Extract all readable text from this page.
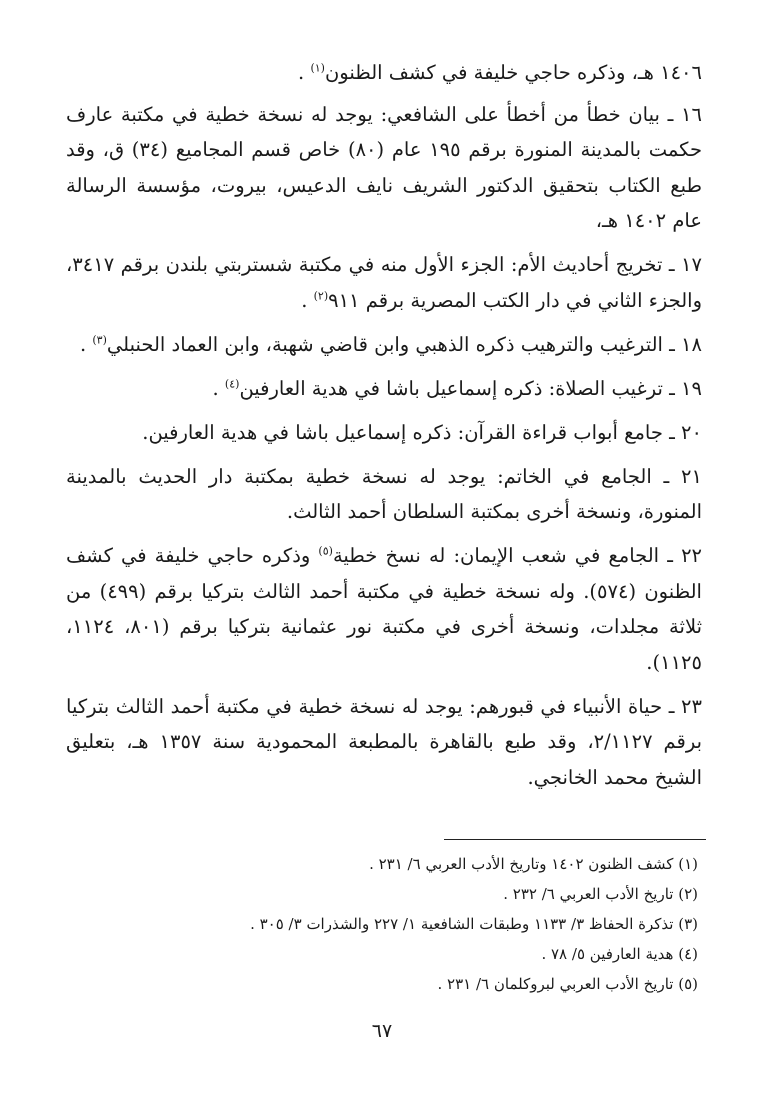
١٤٠٦ هـ، وذكره حاجي خليفة في كشف الظنون$^{(١)}$ .

١٦ ـ بيان خطأ من أخطأ على الشافعي: يوجد له نسخة خطية في مكتبة عارف حكمت بالمدينة المنورة برقم ١٩٥ عام (٨٠) خاص قسم المجاميع (٣٤) ق، وقد طبع الكتاب بتحقيق الدكتور الشريف نايف الدعيس، بيروت، مؤسسة الرسالة عام ١٤٠٢ هـ،

١٧ ـ تخريج أحاديث الأم: الجزء الأول منه في مكتبة شستربتي بلندن برقم ٣٤١٧، والجزء الثاني في دار الكتب المصرية برقم ٩١١$^{(٢)}$ .

١٨ ـ الترغيب والترهيب ذكره الذهبي وابن قاضي شهبة، وابن العماد الحنبلي$^{(٣)}$ .

١٩ ـ ترغيب الصلاة: ذكره إسماعيل باشا في هدية العارفين$^{(٤)}$ .

٢٠ ـ جامع أبواب قراءة القرآن: ذكره إسماعيل باشا في هدية العارفين.

٢١ ـ الجامع في الخاتم: يوجد له نسخة خطية بمكتبة دار الحديث بالمدينة المنورة، ونسخة أخرى بمكتبة السلطان أحمد الثالث.

٢٢ ـ الجامع في شعب الإيمان: له نسخ خطية$^{(٥)}$ وذكره حاجي خليفة في كشف الظنون (٥٧٤). وله نسخة خطية في مكتبة أحمد الثالث بتركيا برقم (٤٩٩) من ثلاثة مجلدات، ونسخة أخرى في مكتبة نور عثمانية بتركيا برقم (٨٠١، ١١٢٤، ١١٢٥).

٢٣ ـ حياة الأنبياء في قبورهم: يوجد له نسخة خطية في مكتبة أحمد الثالث بتركيا برقم ٢/١١٢٧، وقد طبع بالقاهرة بالمطبعة المحمودية سنة ١٣٥٧ هـ، بتعليق الشيخ محمد الخانجي.

(١) كشف الظنون ١٤٠٢ وتاريخ الأدب العربي ٦/ ٢٣١ .

(٢) تاريخ الأدب العربي ٦/ ٢٣٢ .

(٣) تذكرة الحفاظ ٣/ ١١٣٣ وطبقات الشافعية ١/ ٢٢٧ والشذرات ٣/ ٣٠٥ .

(٤) هدية العارفين ٥/ ٧٨ .

(٥) تاريخ الأدب العربي لبروكلمان ٦/ ٢٣١ .

٦٧
